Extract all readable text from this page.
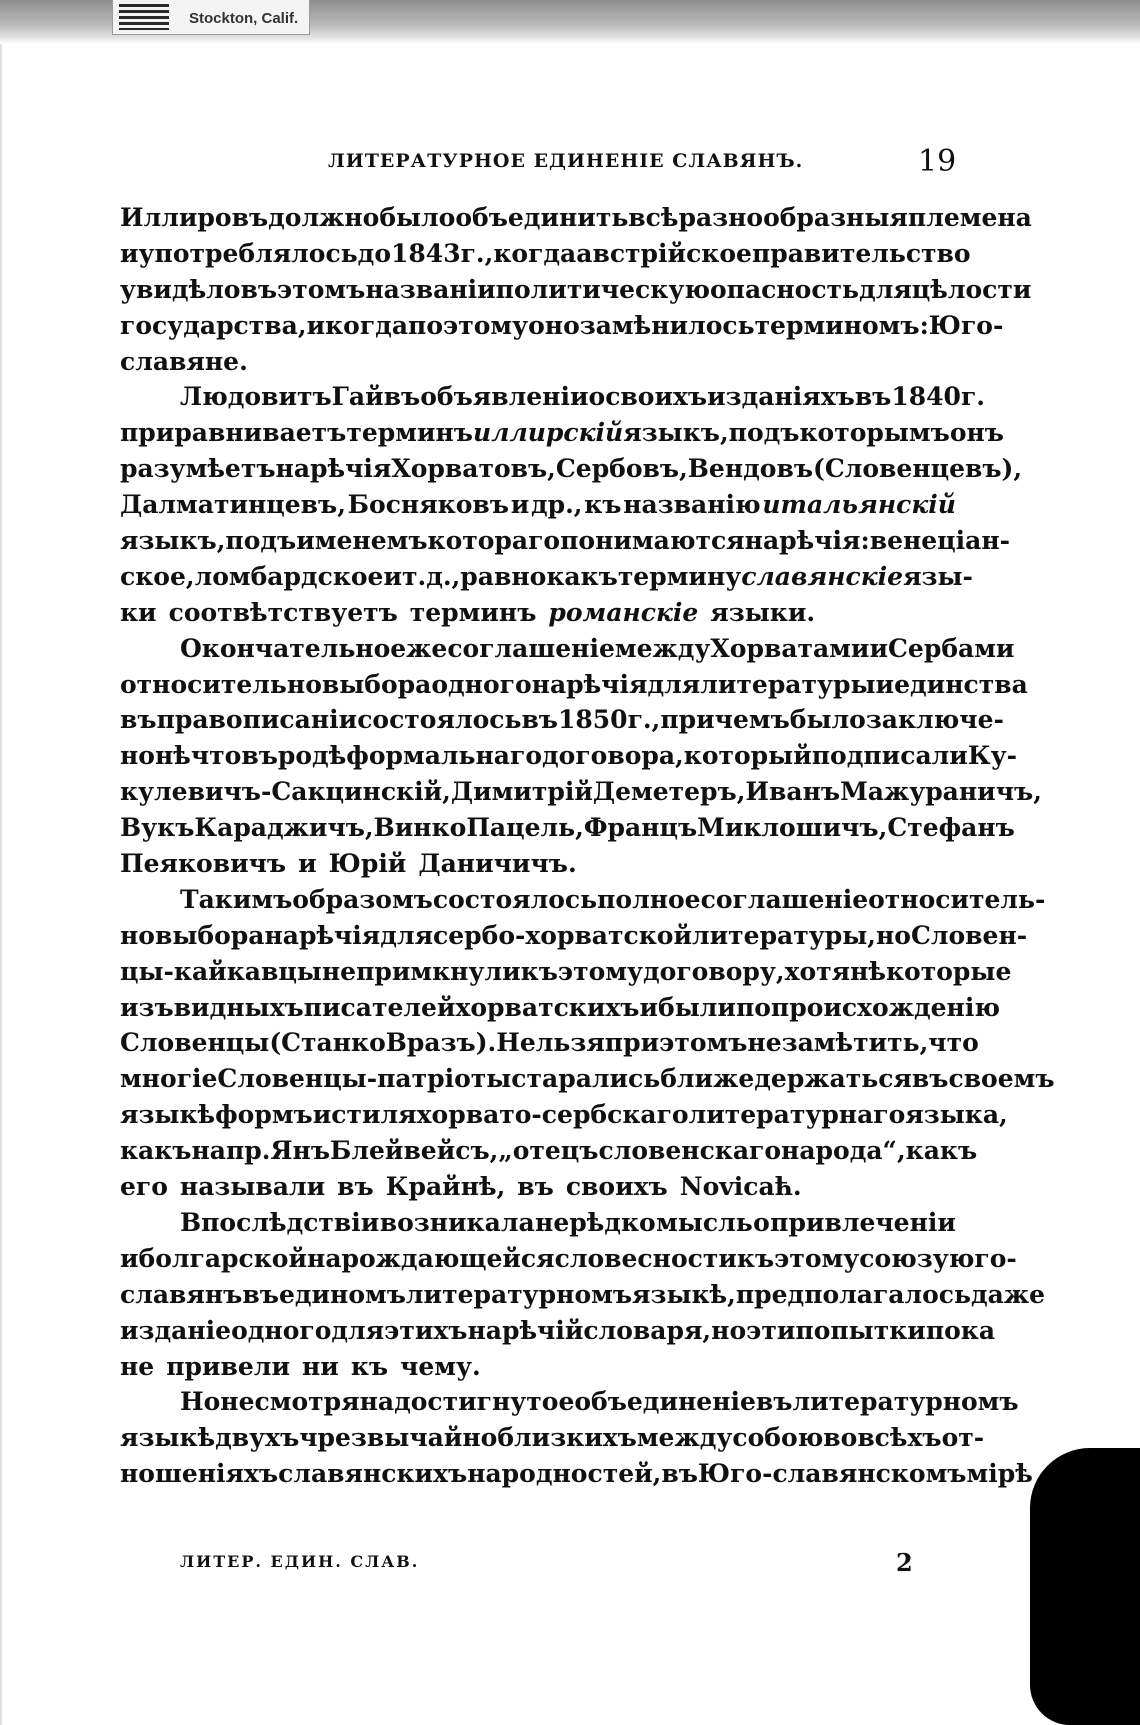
Stockton, Calif.
ЛИТЕРАТУРНОЕ ЕДИНЕНІЕ СЛАВЯНЪ.	19
Иллировъ должно было объединить всѣ разнообразныя племена
и употреблялось до 1843 г., когда австрійское правительство
увидѣло въ этомъ названіи политическую опасность для цѣлости
государства, и когда поэтому оно замѣнилось терминомъ: Юго-
славяне.
Людовитъ Гай въ объявленіи о своихъ изданіяхъ въ 1840 г.
приравниваетъ терминъ иллирскій языкъ, подъ которымъ онъ
разумѣетъ нарѣчія Хорватовъ, Сербовъ, Вендовъ (Словенцевъ),
Далматинцевъ, Босняковъ и др., къ названію итальянскій
языкъ, подъ именемъ котораго понимаются нарѣчія: венеціан-
ское, ломбардское и т. д., равно какъ термину славянскіе язы-
ки соотвѣтствуетъ терминъ романскіе языки.
Окончательное же соглашеніе между Хорватами и Сербами
относительно выбора одного нарѣчія для литературы и единства
въ правописаніи состоялось въ 1850 г., при чемъ было заключе-
но нѣчто въ родѣ формальнаго договора, который подписали Ку-
кулевичъ-Сакцинскій, Димитрій Деметеръ, Иванъ Мажураничъ,
Вукъ Караджичъ, Винко Пацель, Францъ Миклошичъ, Стефанъ
Пеяковичъ и Юрій Даничичъ.
Такимъ образомъ состоялось полное соглашеніе относитель-
но выбора нарѣчія для сербо-хорватской литературы, но Словен-
цы-кайкавцы не примкнули къ этому договору, хотя нѣкоторые
изъ видныхъ писателей хорватскихъ и были по происхожденію
Словенцы (Станко Вразъ). Нельзя при этомъ не замѣтить, что
многіе Словенцы-патріоты старались ближе держаться въ своемъ
языкѣ формъ и стиля хорвато-сербскаго литературнаго языка,
какъ напр. Янъ Блейвейсъ, „отецъ словенскаго народа“, какъ
его называли въ Крайнѣ, въ своихъ Novicaћ.
Впослѣдствіи возникала нерѣдко мысль о привлеченіи
и болгарской нарождающейся словесности къ этому союзу юго-
славянъ въ единомъ литературномъ языкѣ, предполагалось даже
изданіе одного для этихъ нарѣчій словаря, но эти попытки пока
не привели ни къ чему.
Но не смотря на достигнутое объединеніе въ литературномъ
языкѣ двухъ чрезвычайно близкихъ между собою во всѣхъ от-
ношеніяхъ славянскихъ народностей, въ Юго-славянскомъ мірѣ
ЛИТЕР. ЕДИН. СЛАВ.	2
